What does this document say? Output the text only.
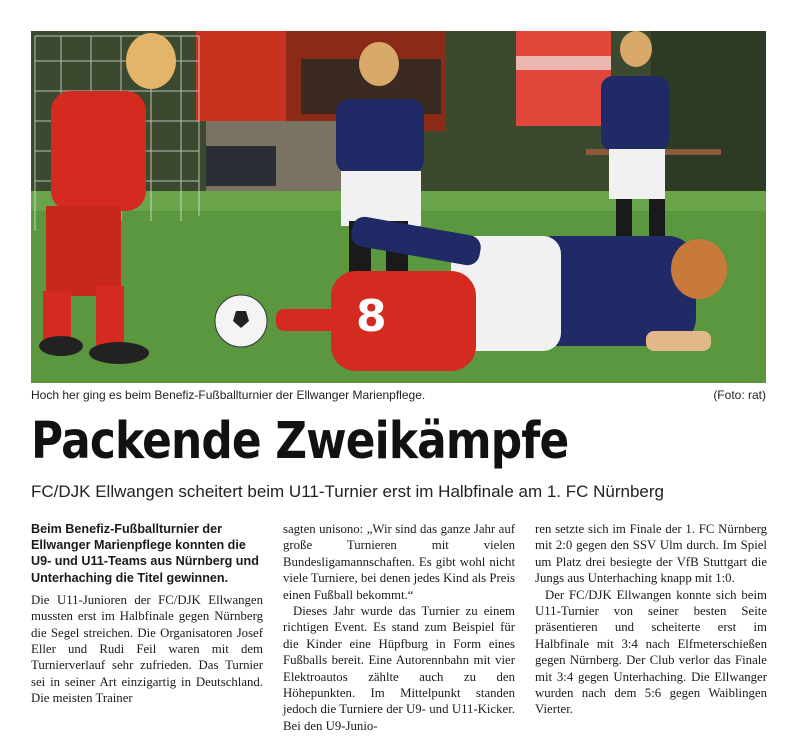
8
Hoch her ging es beim Benefiz-Fußballturnier der Ellwanger Marienpflege.	(Foto: rat)
Packende Zweikämpfe
FC/DJK Ellwangen scheitert beim U11-Turnier erst im Halbfinale am 1. FC Nürnberg
Beim Benefiz-Fußballturnier der Ellwanger Marienpflege konnten die U9- und U11-Teams aus Nürnberg und Unterhaching die Titel gewinnen.

Die U11-Junioren der FC/DJK Ellwangen mussten erst im Halbfinale gegen Nürnberg die Segel streichen. Die Organisatoren Josef Eller und Rudi Feil waren mit dem Turnierverlauf sehr zufrieden. Das Turnier sei in seiner Art einzigartig in Deutschland. Die meisten Trainer

sagten unisono: „Wir sind das ganze Jahr auf große Turnieren mit vielen Bundesligamannschaften. Es gibt wohl nicht viele Turniere, bei denen jedes Kind als Preis einen Fußball bekommt.“

Dieses Jahr wurde das Turnier zu einem richtigen Event. Es stand zum Beispiel für die Kinder eine Hüpfburg in Form eines Fußballs bereit. Eine Autorennbahn mit vier Elektroautos zählte auch zu den Höhepunkten. Im Mittelpunkt standen jedoch die Turniere der U9- und U11-Kicker. Bei den U9-Junio-

ren setzte sich im Finale der 1. FC Nürnberg mit 2:0 gegen den SSV Ulm durch. Im Spiel um Platz drei besiegte der VfB Stuttgart die Jungs aus Unterhaching knapp mit 1:0.

Der FC/DJK Ellwangen konnte sich beim U11-Turnier von seiner besten Seite präsentieren und scheiterte erst im Halbfinale mit 3:4 nach Elfmeterschießen gegen Nürnberg. Der Club verlor das Finale mit 3:4 gegen Unterhaching. Die Ellwanger wurden nach dem 5:6 gegen Waiblingen Vierter.
